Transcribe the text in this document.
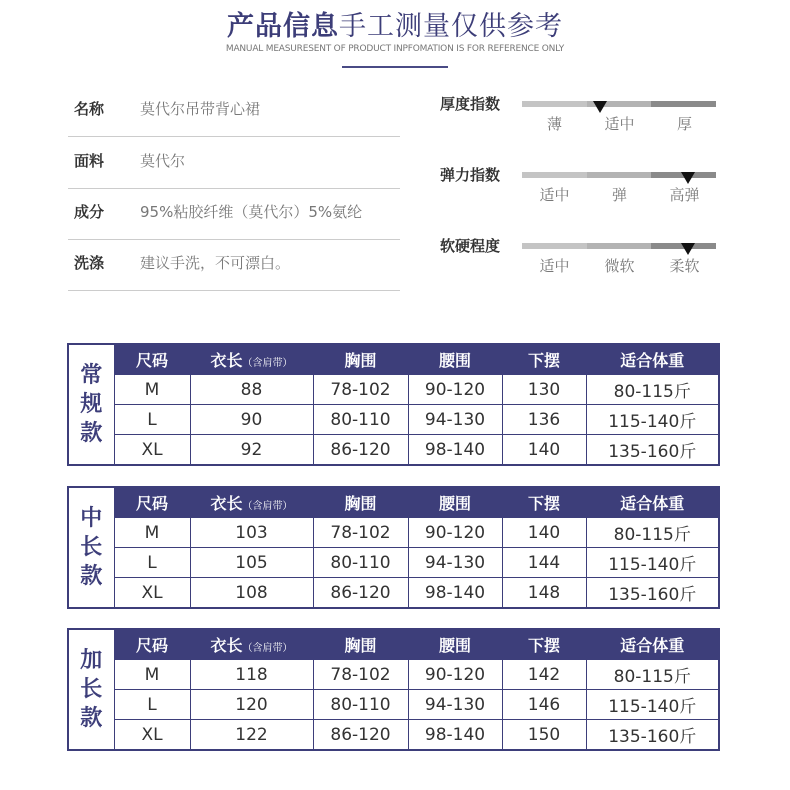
产品信息手工测量仅供参考
MANUAL MEASURESENT OF PRODUCT INPFOMATION IS FOR REFERENCE ONLY
名称 莫代尔吊带背心裙
面料 莫代尔
成分 95%粘胶纤维（莫代尔）5%氨纶
洗涤 建议手洗，不可漂白。
厚度指数
薄	适中	厚
弹力指数
适中	弹	高弹
软硬程度
适中	微软	柔软
常
规
款	尺码	衣长（含肩带）	胸围	腰围	下摆	适合体重
	M	88	78-102	90-120	130	80-115斤
	L	90	80-110	94-130	136	115-140斤
	XL	92	86-120	98-140	140	135-160斤
中
长
款	尺码	衣长（含肩带）	胸围	腰围	下摆	适合体重
	M	103	78-102	90-120	140	80-115斤
	L	105	80-110	94-130	144	115-140斤
	XL	108	86-120	98-140	148	135-160斤
加
长
款	尺码	衣长（含肩带）	胸围	腰围	下摆	适合体重
	M	118	78-102	90-120	142	80-115斤
	L	120	80-110	94-130	146	115-140斤
	XL	122	86-120	98-140	150	135-160斤
